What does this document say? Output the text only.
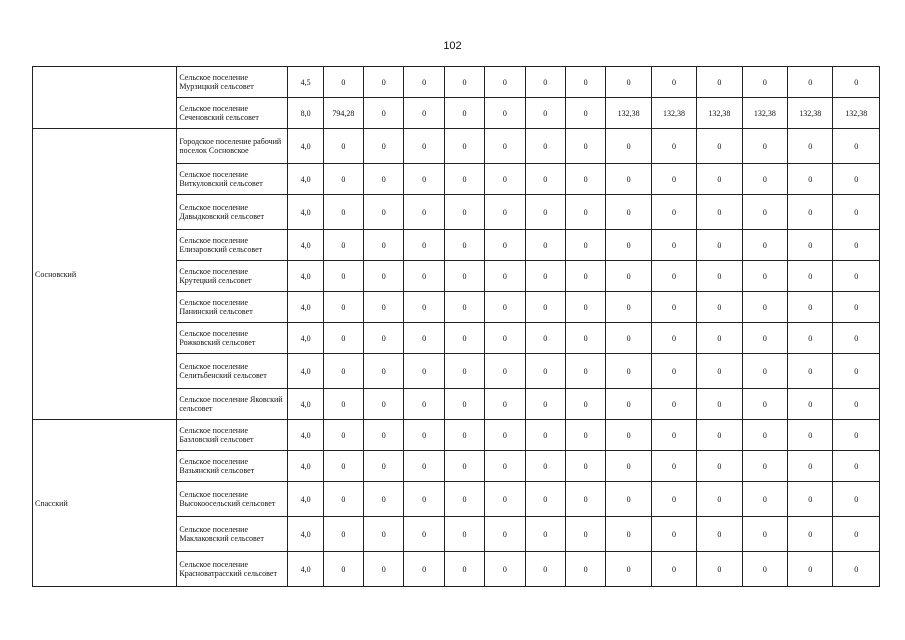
102
	Сельское поселение Мурзицкий сельсовет	4,5	0	0	0	0	0	0	0	0	0	0	0	0	0
	Сельское поселение Сеченовский сельсовет	8,0	794,28	0	0	0	0	0	0	132,38	132,38	132,38	132,38	132,38	132,38
Сосновский	Городское поселение рабочий поселок Сосновское	4,0	0	0	0	0	0	0	0	0	0	0	0	0	0
	Сельское поселение Виткуловский сельсовет	4,0	0	0	0	0	0	0	0	0	0	0	0	0	0
	Сельское поселение Давыдковский сельсовет	4,0	0	0	0	0	0	0	0	0	0	0	0	0	0
	Сельское поселение Елизаровский сельсовет	4,0	0	0	0	0	0	0	0	0	0	0	0	0	0
	Сельское поселение Крутецкий сельсовет	4,0	0	0	0	0	0	0	0	0	0	0	0	0	0
	Сельское поселение Панинский сельсовет	4,0	0	0	0	0	0	0	0	0	0	0	0	0	0
	Сельское поселение Рожковский сельсовет	4,0	0	0	0	0	0	0	0	0	0	0	0	0	0
	Сельское поселение Селитьбенский сельсовет	4,0	0	0	0	0	0	0	0	0	0	0	0	0	0
	Сельское поселение Яковский сельсовет	4,0	0	0	0	0	0	0	0	0	0	0	0	0	0
Спасский	Сельское поселение Базловский сельсовет	4,0	0	0	0	0	0	0	0	0	0	0	0	0	0
	Сельское поселение Вазьянский сельсовет	4,0	0	0	0	0	0	0	0	0	0	0	0	0	0
	Сельское поселение Высокоосельский сельсовет	4,0	0	0	0	0	0	0	0	0	0	0	0	0	0
	Сельское поселение Маклаковский сельсовет	4,0	0	0	0	0	0	0	0	0	0	0	0	0	0
	Сельское поселение Красноватрасский сельсовет	4,0	0	0	0	0	0	0	0	0	0	0	0	0	0
